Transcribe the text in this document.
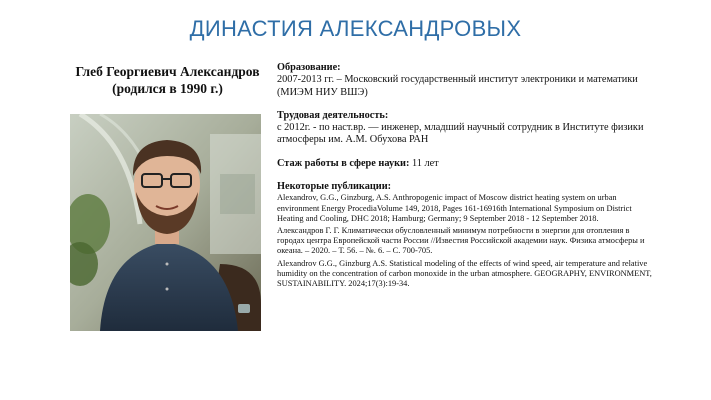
ДИНАСТИЯ АЛЕКСАНДРОВЫХ
Глеб Георгиевич Александров
(родился в 1990 г.)

Образование:

2007-2013 гг. – Московский государственный институт электроники и математики (МИЭМ НИУ ВШЭ)

Трудовая деятельность:

с 2012г. - по наст.вр. — инженер, младший научный сотрудник в Институте физики атмосферы им. А.М. Обухова РАН

Стаж работы в сфере науки: 11 лет

Некоторые публикации:

Alexandrov, G.G., Ginzburg, A.S. Anthropogenic impact of Moscow district heating system on urban environment Energy ProcediaVolume 149, 2018, Pages 161-16916th International Symposium on District Heating and Cooling, DHC 2018; Hamburg; Germany; 9 September 2018 - 12 September 2018.

Александров Г. Г. Климатически обусловленный минимум потребности в энергии для отопления в городах центра Европейской части России //Известия Российской академии наук. Физика атмосферы и океана. – 2020. – Т. 56. – №. 6. – С. 700-705.

Alexandrov G.G., Ginzburg A.S. Statistical modeling of the effects of wind speed, air temperature and relative humidity on the concentration of carbon monoxide in the urban atmosphere. GEOGRAPHY, ENVIRONMENT, SUSTAINABILITY. 2024;17(3):19-34.
